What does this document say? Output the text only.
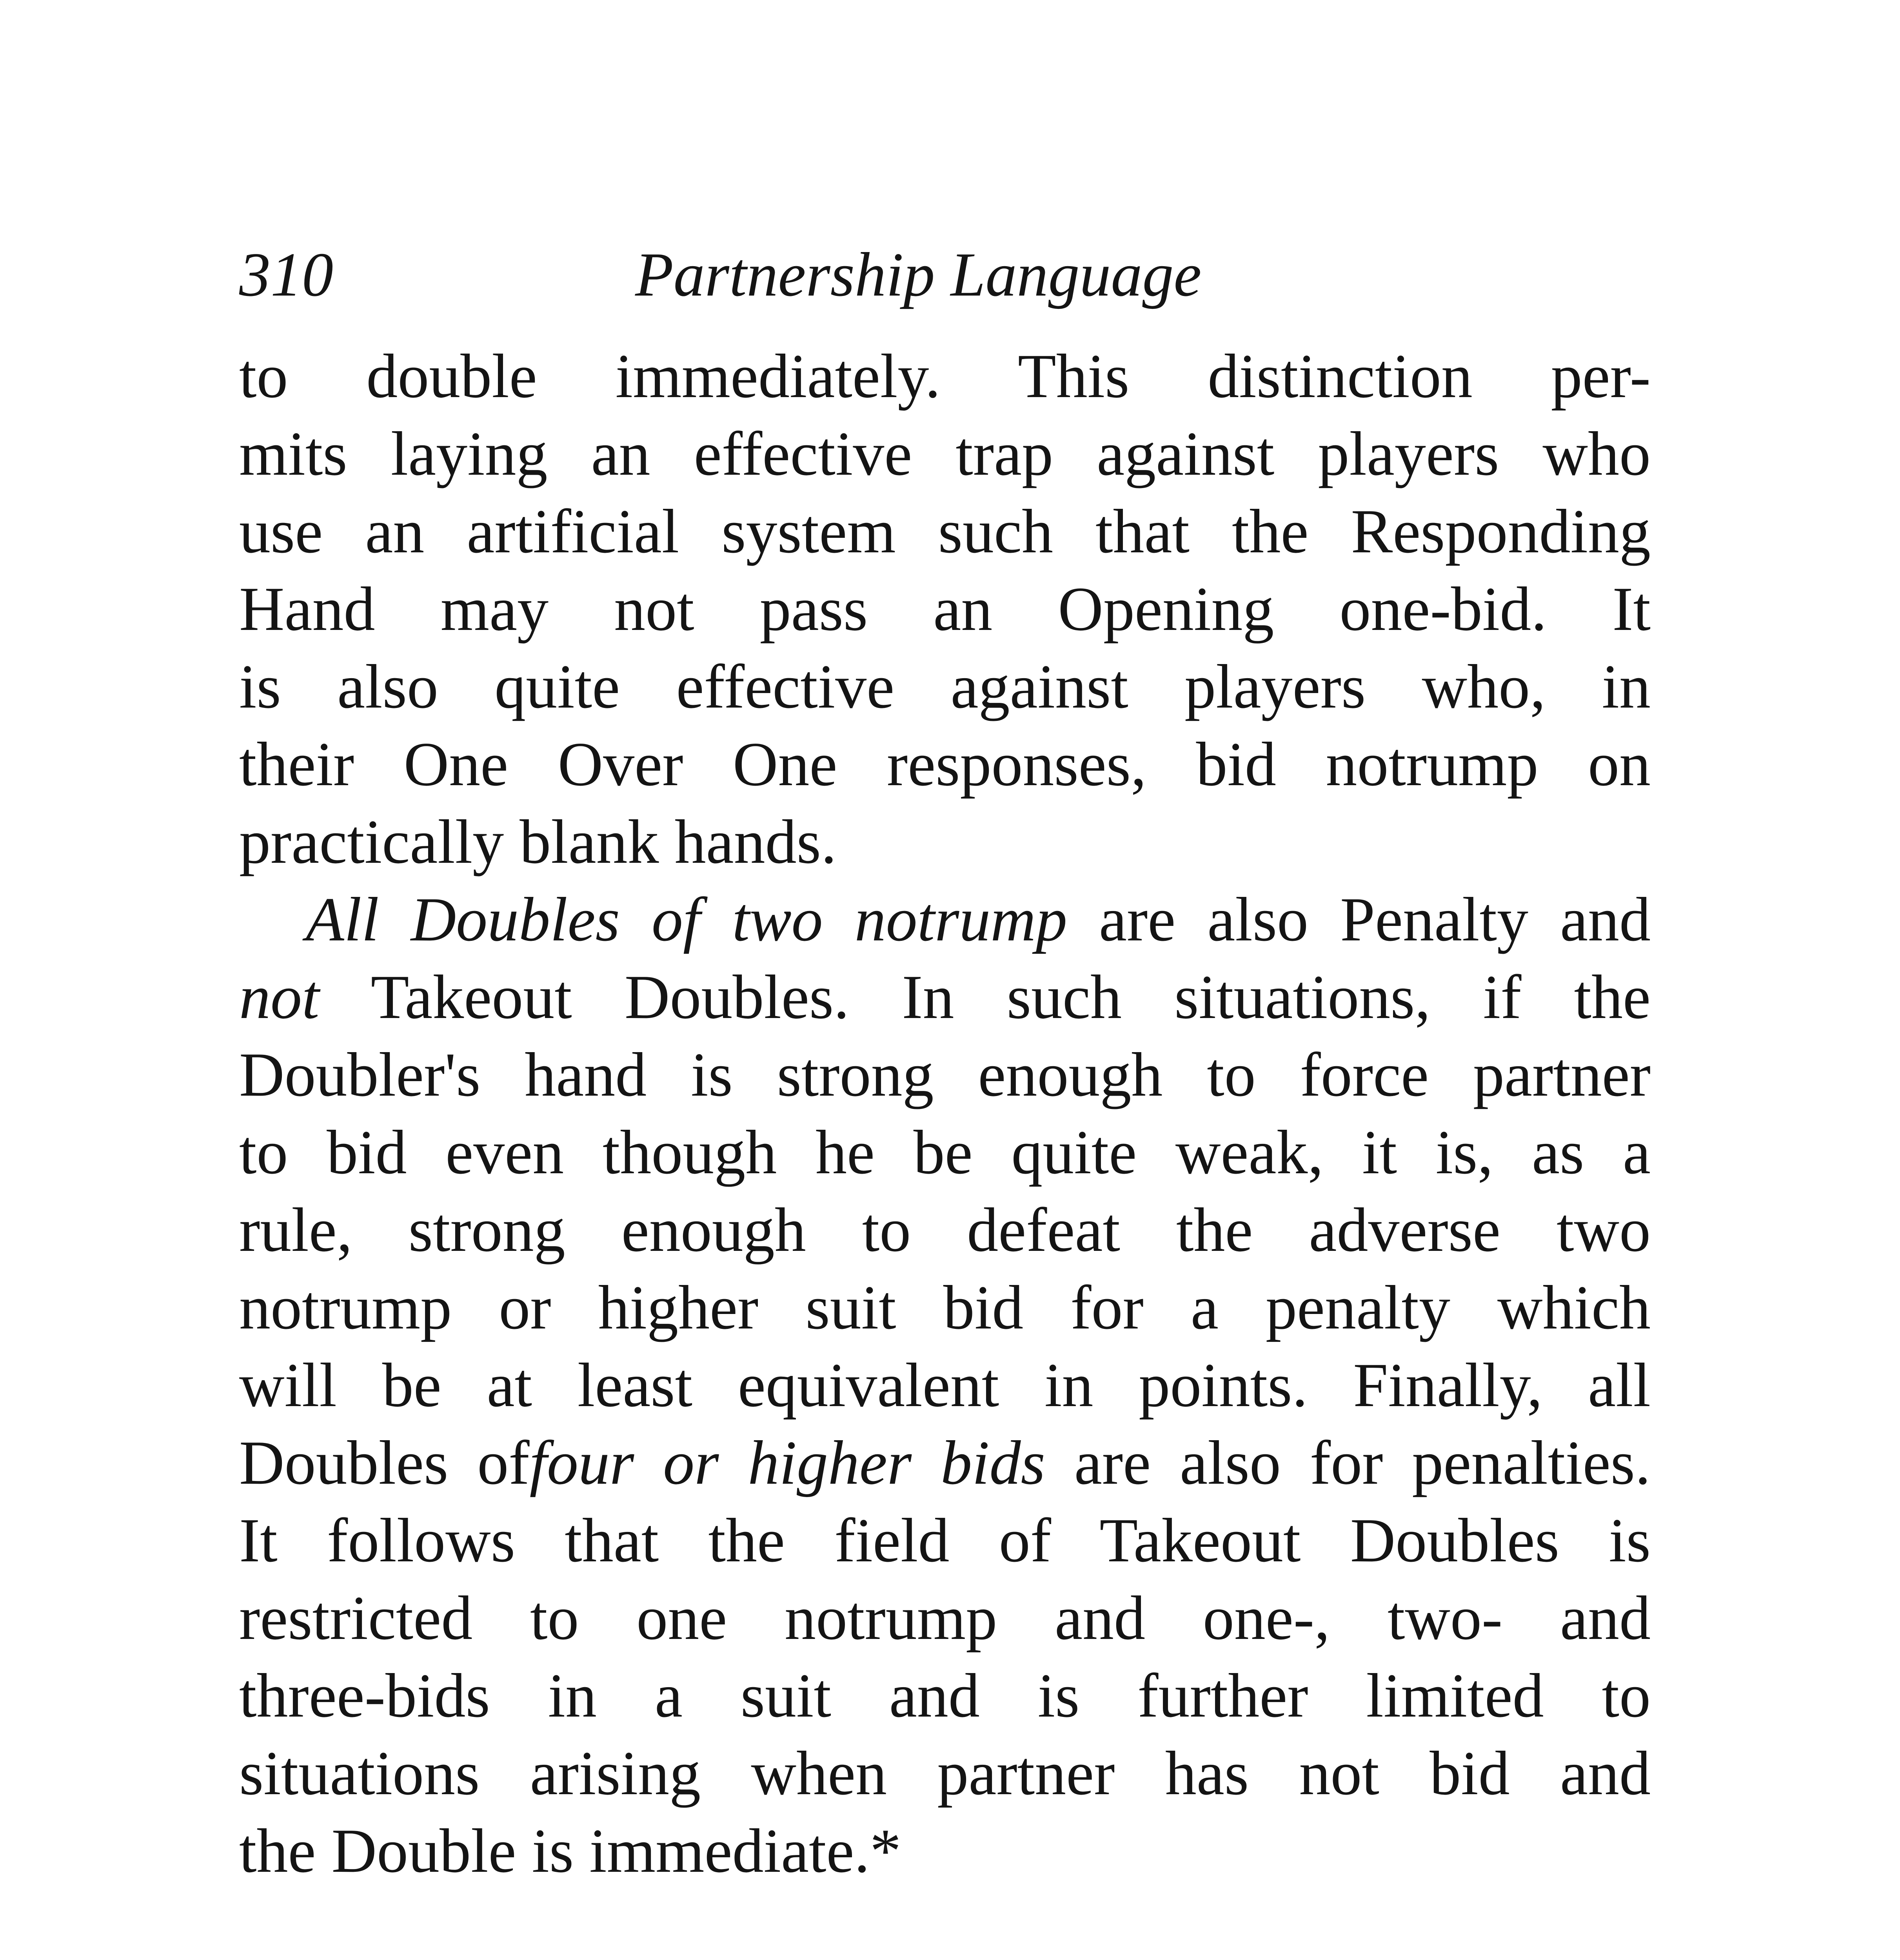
310	Partnership Language
to double immediately. This distinction per-
mits laying an effective trap against players who
use an artificial system such that the Responding
Hand may not pass an Opening one-bid. It
is also quite effective against players who, in
their One Over One responses, bid notrump on
practically blank hands.
All Doubles of two notrump are also Penalty and
not Takeout Doubles. In such situations, if the
Doubler's hand is strong enough to force partner
to bid even though he be quite weak, it is, as a
rule, strong enough to defeat the adverse two
notrump or higher suit bid for a penalty which
will be at least equivalent in points. Finally, all
Doubles offour or higher bids are also for penalties.
It follows that the field of Takeout Doubles is
restricted to one notrump and one-, two- and
three-bids in a suit and is further limited to
situations arising when partner has not bid and
the Double is immediate.*
